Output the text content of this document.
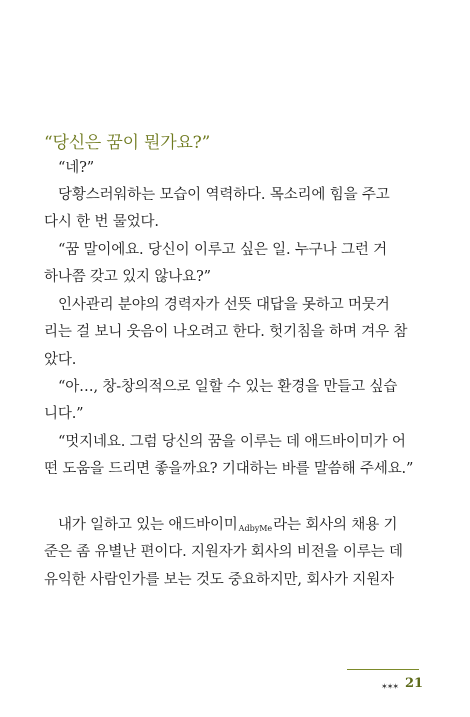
“당신은 꿈이 뭔가요?”
“네?”
당황스러워하는 모습이 역력하다. 목소리에 힘을 주고
다시 한 번 물었다.
“꿈 말이에요. 당신이 이루고 싶은 일. 누구나 그런 거
하나쯤 갖고 있지 않나요?”
인사관리 분야의 경력자가 선뜻 대답을 못하고 머뭇거
리는 걸 보니 웃음이 나오려고 한다. 헛기침을 하며 겨우 참
았다.
“아…, 창-창의적으로 일할 수 있는 환경을 만들고 싶습
니다.”
“멋지네요. 그럼 당신의 꿈을 이루는 데 애드바이미가 어
떤 도움을 드리면 좋을까요? 기대하는 바를 말씀해 주세요.”
내가 일하고 있는 애드바이미AdbyMe라는 회사의 채용 기
준은 좀 유별난 편이다. 지원자가 회사의 비전을 이루는 데
유익한 사람인가를 보는 것도 중요하지만, 회사가 지원자
✶✶✶ 21
